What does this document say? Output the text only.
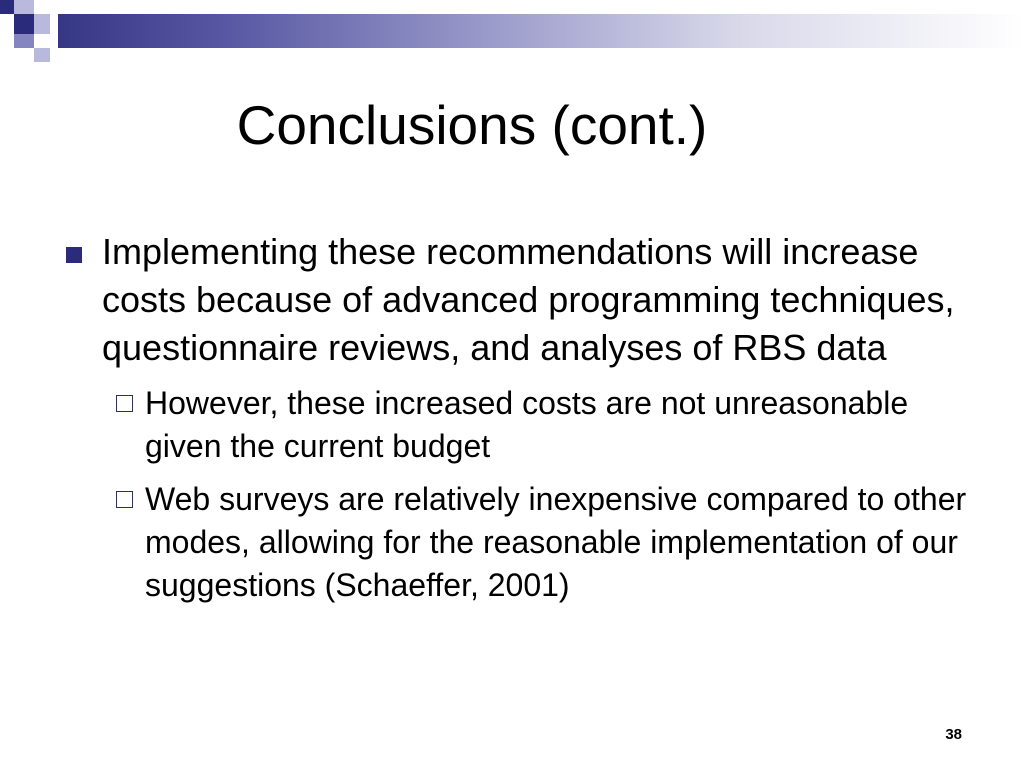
Conclusions (cont.)
Implementing these recommendations will increase costs because of advanced programming techniques, questionnaire reviews, and analyses of RBS data
However, these increased costs are not unreasonable given the current budget
Web surveys are relatively inexpensive compared to other modes, allowing for the reasonable implementation of our suggestions (Schaeffer, 2001)
38
